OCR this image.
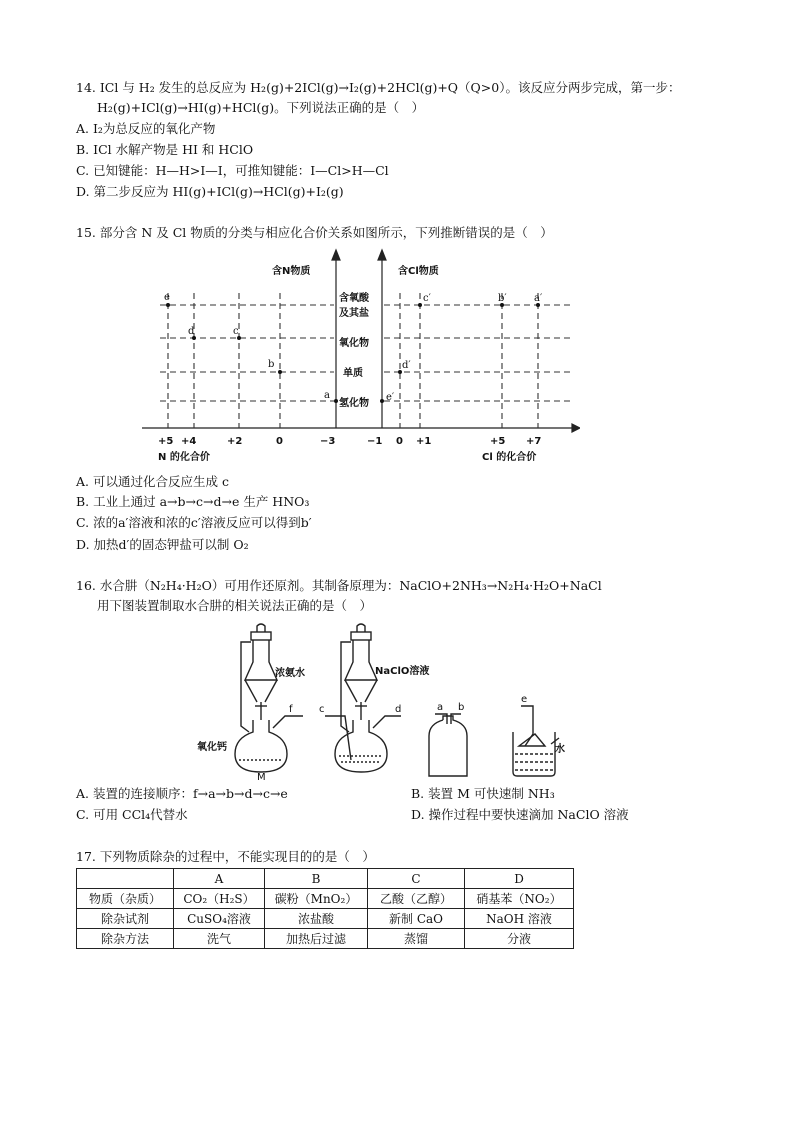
14. ICl 与 H₂ 发生的总反应为 H₂(g)+2ICl(g)→I₂(g)+2HCl(g)+Q（Q>0）。该反应分两步完成，第一步：
H₂(g)+ICl(g)→HI(g)+HCl(g)。下列说法正确的是（　）
A. I₂为总反应的氧化产物
B. ICl 水解产物是 HI 和 HClO
C. 已知键能：H—H>I—I，可推知键能：I—Cl>H—Cl
D. 第二步反应为 HI(g)+ICl(g)→HCl(g)+I₂(g)
15. 部分含 N 及 Cl 物质的分类与相应化合价关系如图所示，下列推断错误的是（　）
e
d	c
b
a	e′
d′
c′	b′	a′
含N物质	含Cl物质
含氧酸
及其盐
氧化物
单质
氢化物
+5 +4	+2	0	−3	−1 0 +1	+5 +7
N 的化合价	Cl 的化合价
A. 可以通过化合反应生成 c
B. 工业上通过 a→b→c→d→e 生产 HNO₃
C. 浓的a′溶液和浓的c′溶液反应可以得到b′
D. 加热d′的固态钾盐可以制 O₂
16. 水合肼（N₂H₄·H₂O）可用作还原剂。其制备原理为：NaClO+2NH₃→N₂H₄·H₂O+NaCl
用下图装置制取水合肼的相关说法正确的是（　）
浓氨水
氧化钙
M
NaClO溶液
水
f	c	d	a b
e
A. 装置的连接顺序：f→a→b→d→c→e	B. 装置 M 可快速制 NH₃
C. 可用 CCl₄代替水	D. 操作过程中要快速滴加 NaClO 溶液
17. 下列物质除杂的过程中，不能实现目的的是（　）
	A	B	C	D
物质（杂质）	CO₂（H₂S）	碳粉（MnO₂）	乙酸（乙醇）	硝基苯（NO₂）
除杂试剂	CuSO₄溶液	浓盐酸	新制 CaO	NaOH 溶液
除杂方法	洗气	加热后过滤	蒸馏	分液
